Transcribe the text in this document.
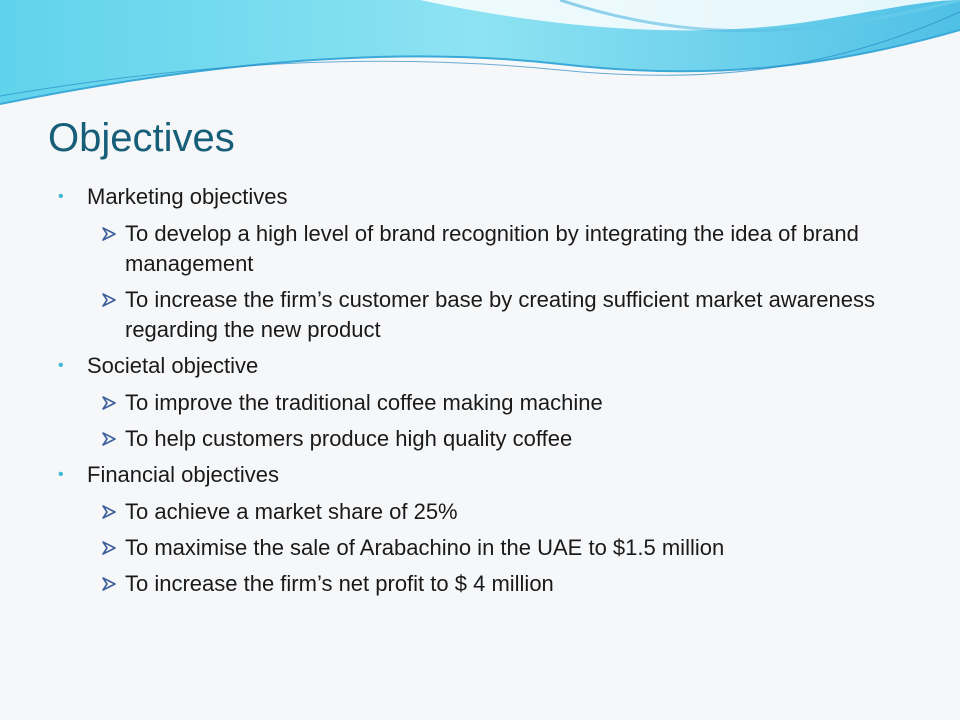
Objectives
• Marketing objectives
To develop a high level of brand recognition by integrating the idea of brand management
To increase the firm’s customer base by creating sufficient market awareness regarding the new product
• Societal objective
To improve the traditional coffee making machine
To help customers produce high quality coffee
• Financial objectives
To achieve a market share of 25%
To maximise the sale of Arabachino in the UAE to $1.5 million
To increase the firm’s net profit to $ 4 million
